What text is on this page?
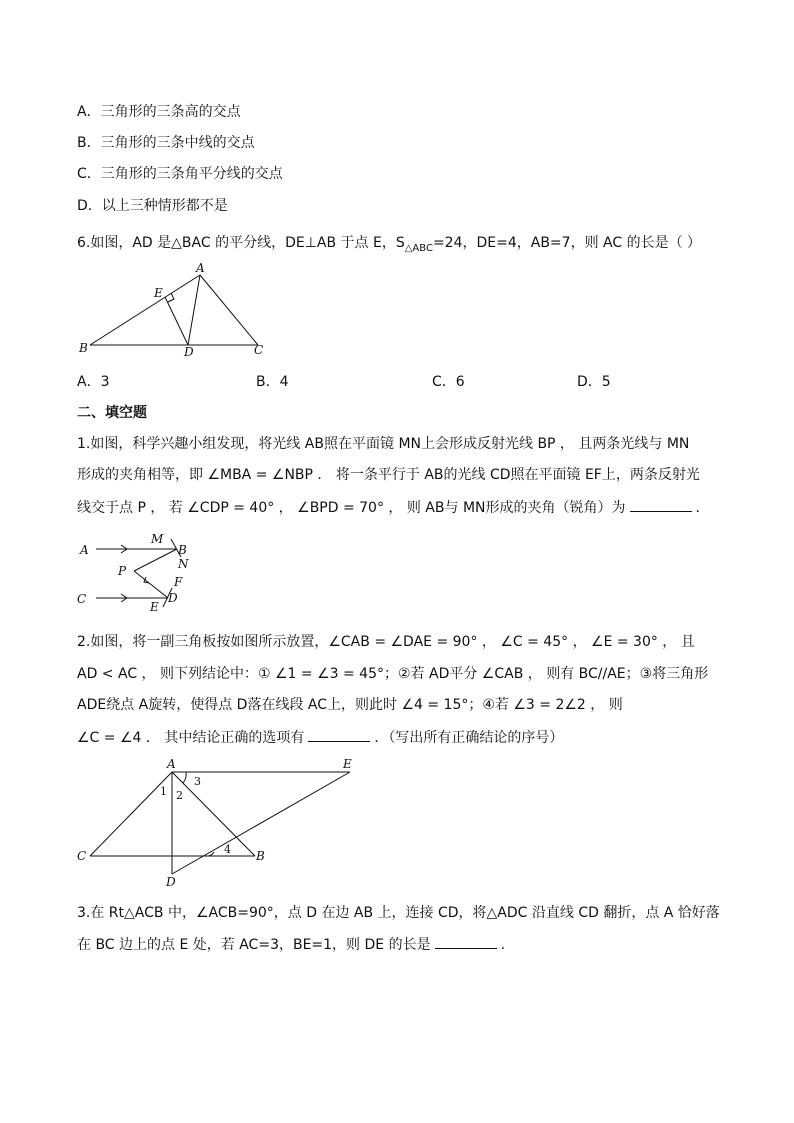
A．三角形的三条高的交点
B．三角形的三条中线的交点
C．三角形的三条角平分线的交点
D．以上三种情形都不是
6.如图，AD 是△BAC 的平分线，DE⊥AB 于点 E，$S_{\triangle ABC}=24$，DE=4，AB=7，则 AC 的长是（ ）
A
B	C
D
E
A．3	B．4	C．6	D．5
二、填空题
1.如图，科学兴趣小组发现，将光线 AB照在平面镜 MN上会形成反射光线 BP ， 且两条光线与 MN
形成的夹角相等，即 ∠MBA = ∠NBP ． 将一条平行于 AB的光线 CD照在平面镜 EF上，两条反射光
线交于点 P ， 若 ∠CDP = 40° ， ∠BPD = 70° ， 则 AB与 MN形成的夹角（锐角）为	．
A
M
B
N
P
F
C	D
E
2.如图，将一副三角板按如图所示放置，∠CAB = ∠DAE = 90° ， ∠C = 45° ， ∠E = 30° ， 且
AD < AC ， 则下列结论中：① ∠1 = ∠3 = 45°；②若 AD平分 ∠CAB ， 则有 BC//AE；③将三角形
ADE绕点 A旋转，使得点 D落在线段 AC上，则此时 ∠4 = 15°；④若 ∠3 = 2∠2 ， 则
∠C = ∠4 ． 其中结论正确的选项有	．（写出所有正确结论的序号）
A	E
C	B
D
1 2
3
4
3.在 Rt△ACB 中，∠ACB=90°，点 D 在边 AB 上，连接 CD，将△ADC 沿直线 CD 翻折，点 A 恰好落
在 BC 边上的点 E 处，若 AC=3，BE=1，则 DE 的长是	.
